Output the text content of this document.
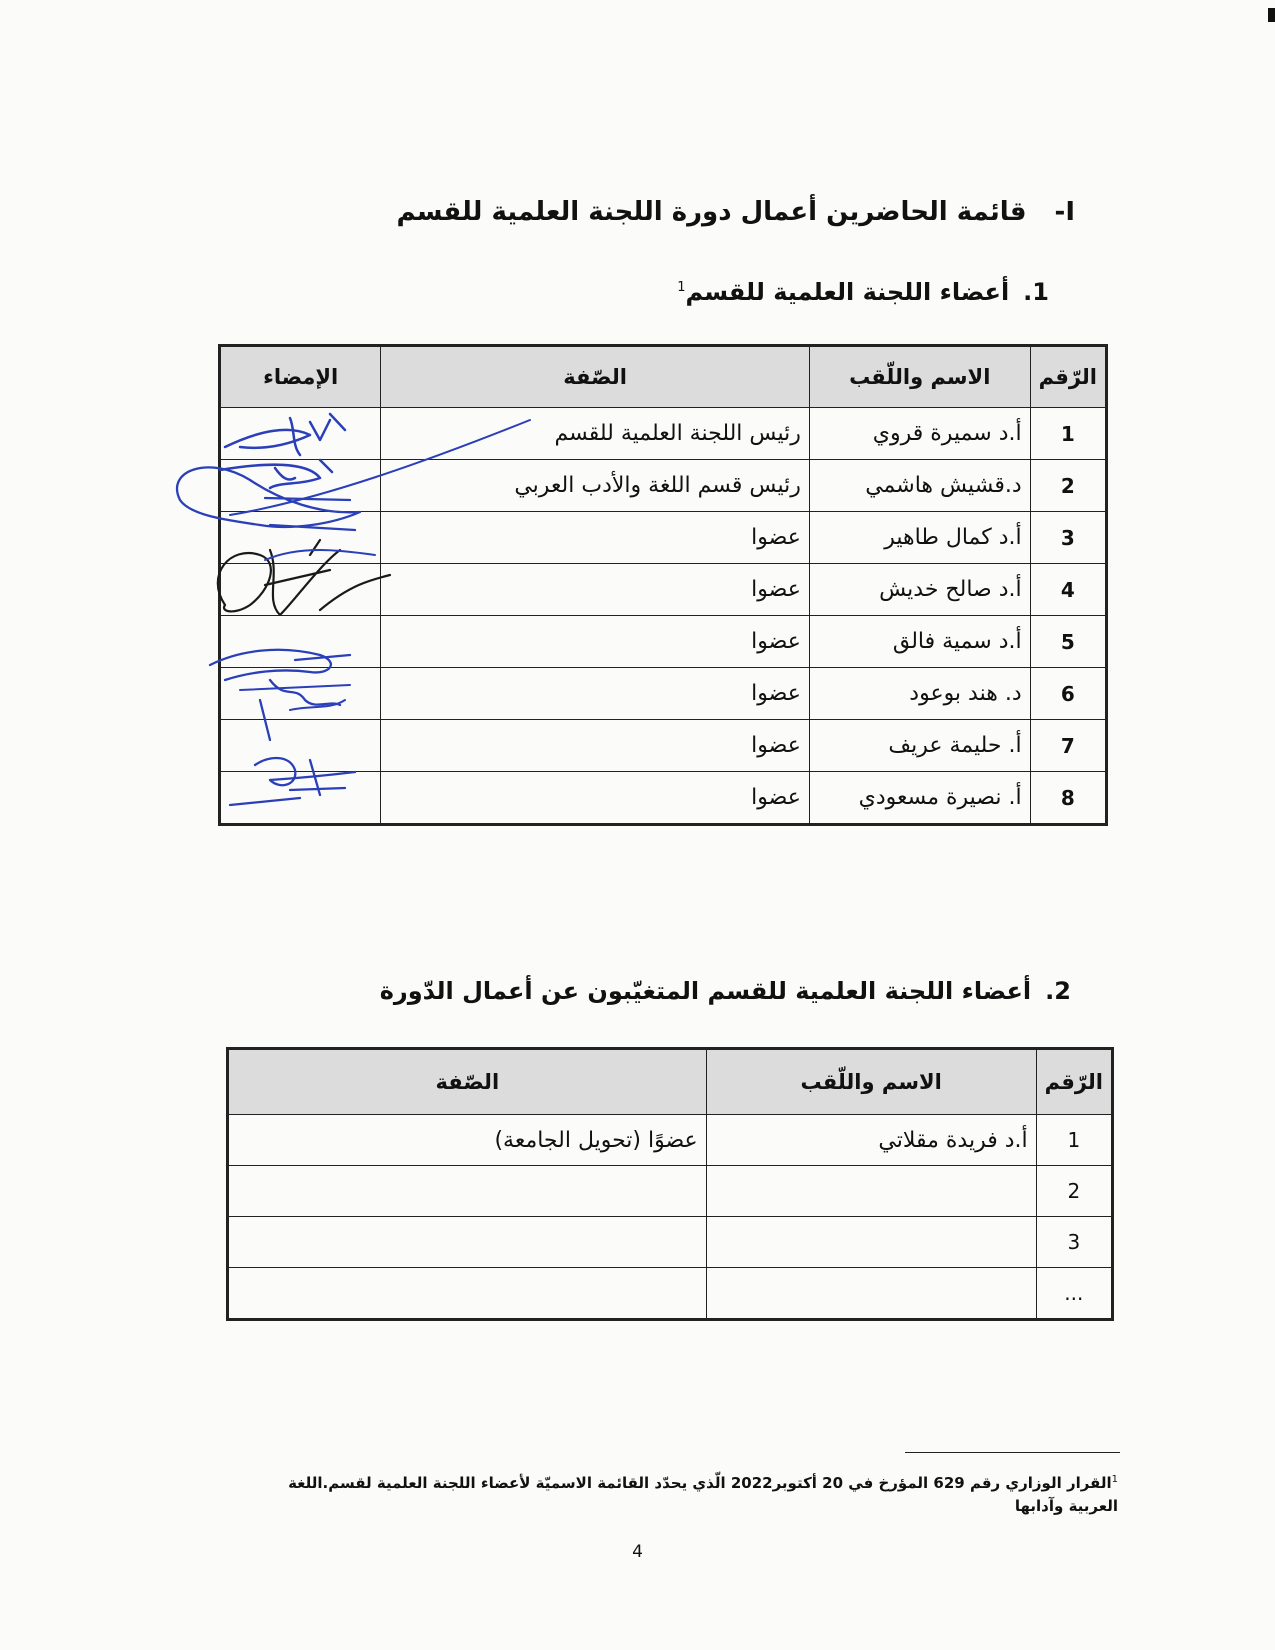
I-قائمة الحاضرين أعمال دورة اللجنة العلمية للقسم
1.أعضاء اللجنة العلمية للقسم$^1$
الرّقم	الاسم واللّقب	الصّفة	الإمضاء
1	أ.د سميرة قروي	رئيس اللجنة العلمية للقسم	
2	د.قشيش هاشمي	رئيس قسم اللغة والأدب العربي	
3	أ.د كمال طاهير	عضوا	
4	أ.د صالح خديش	عضوا	
5	أ.د سمية فالق	عضوا	
6	د. هند بوعود	عضوا	
7	أ. حليمة عريف	عضوا	
8	أ. نصيرة مسعودي	عضوا	
2.أعضاء اللجنة العلمية للقسم المتغيّبون عن أعمال الدّورة
الرّقم	الاسم واللّقب	الصّفة
1	أ.د فريدة مقلاتي	عضوًا (تحويل الجامعة)
2		
3		
...		
$^1$القرار الوزاري رقم 629 المؤرخ في 20 أكتوبر2022 الّذي يحدّد القائمة الاسميّة لأعضاء اللجنة العلمية لقسم.اللغة العربية وآدابها
4
